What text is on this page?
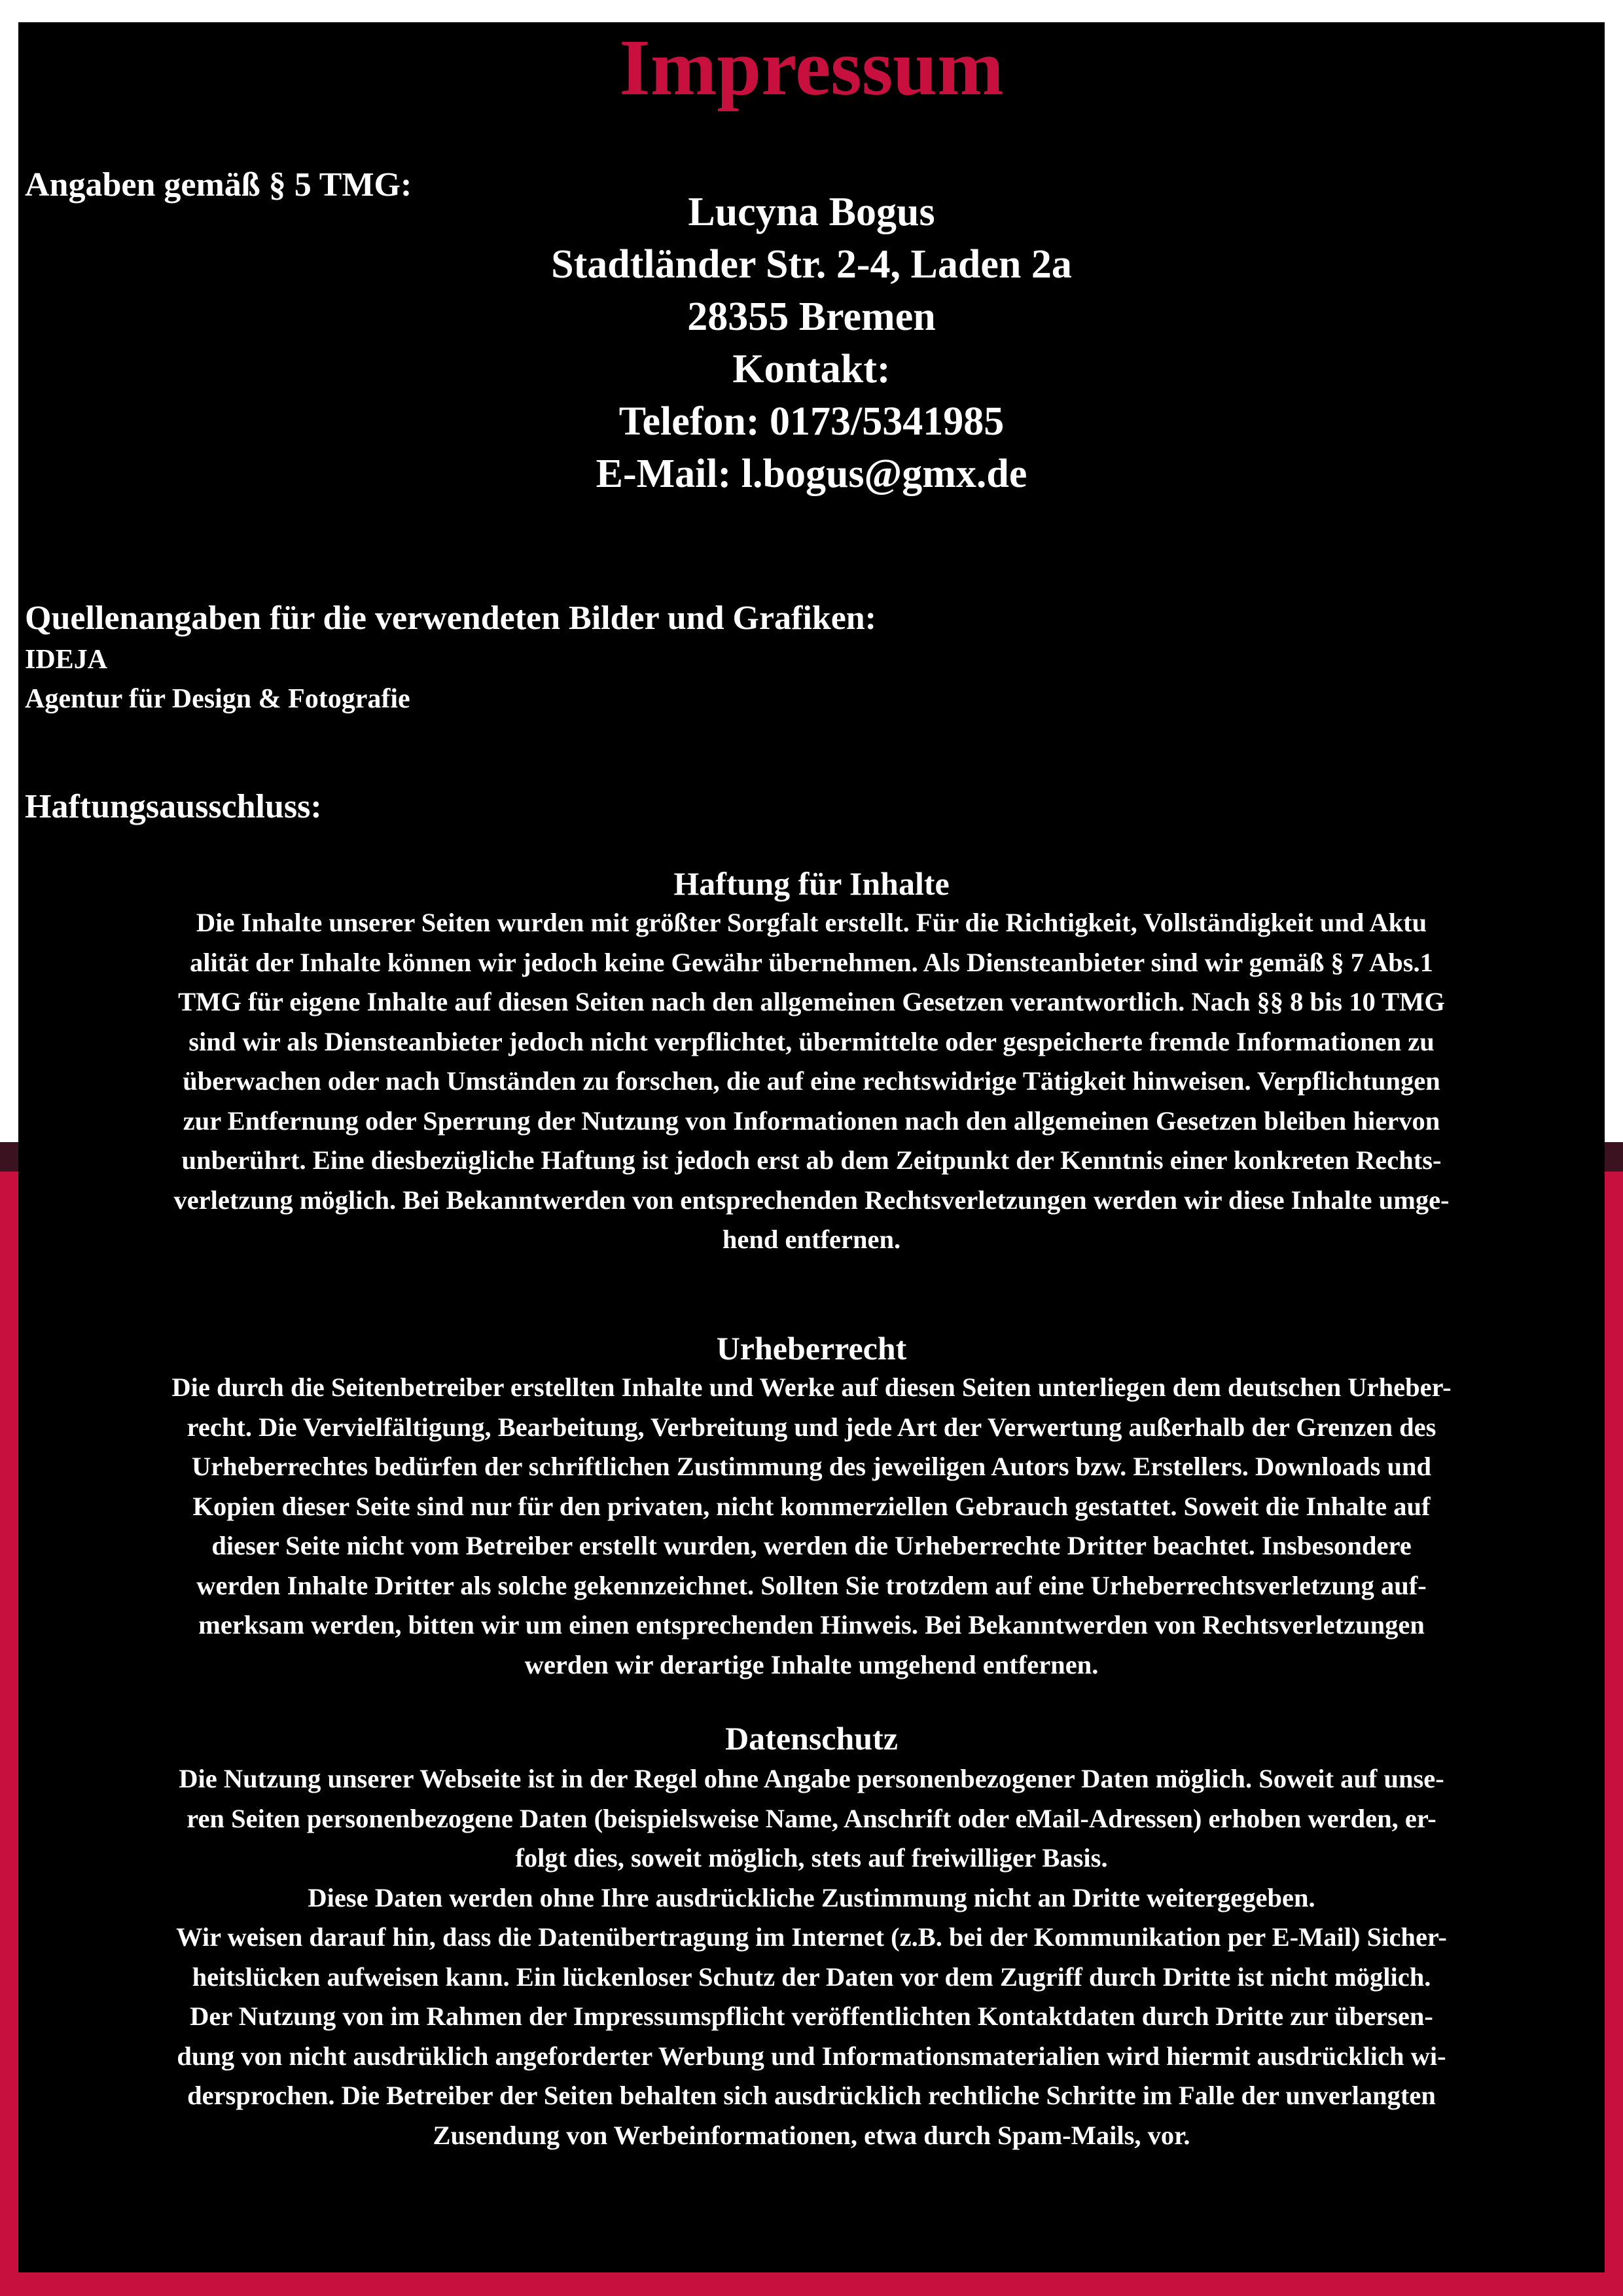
Impressum
Angaben gemäß § 5 TMG:
Lucyna Bogus
Stadtländer Str. 2-4, Laden 2a
28355 Bremen
Kontakt:
Telefon: 0173/5341985
E-Mail: l.bogus@gmx.de
Quellenangaben für die verwendeten Bilder und Grafiken:
IDEJA
Agentur für Design & Fotografie
Haftungsausschluss:
Haftung für Inhalte
Die Inhalte unserer Seiten wurden mit größter Sorgfalt erstellt. Für die Richtigkeit, Vollständigkeit und Aktu
alität der Inhalte können wir jedoch keine Gewähr übernehmen. Als Diensteanbieter sind wir gemäß § 7 Abs.1
TMG für eigene Inhalte auf diesen Seiten nach den allgemeinen Gesetzen verantwortlich. Nach §§ 8 bis 10 TMG
sind wir als Diensteanbieter jedoch nicht verpflichtet, übermittelte oder gespeicherte fremde Informationen zu
überwachen oder nach Umständen zu forschen, die auf eine rechtswidrige Tätigkeit hinweisen. Verpflichtungen
zur Entfernung oder Sperrung der Nutzung von Informationen nach den allgemeinen Gesetzen bleiben hiervon
unberührt. Eine diesbezügliche Haftung ist jedoch erst ab dem Zeitpunkt der Kenntnis einer konkreten Rechts-
verletzung möglich. Bei Bekanntwerden von entsprechenden Rechtsverletzungen werden wir diese Inhalte umge-
hend entfernen.
Urheberrecht
Die durch die Seitenbetreiber erstellten Inhalte und Werke auf diesen Seiten unterliegen dem deutschen Urheber-
recht. Die Vervielfältigung, Bearbeitung, Verbreitung und jede Art der Verwertung außerhalb der Grenzen des
Urheberrechtes bedürfen der schriftlichen Zustimmung des jeweiligen Autors bzw. Erstellers. Downloads und
Kopien dieser Seite sind nur für den privaten, nicht kommerziellen Gebrauch gestattet. Soweit die Inhalte auf
dieser Seite nicht vom Betreiber erstellt wurden, werden die Urheberrechte Dritter beachtet. Insbesondere
werden Inhalte Dritter als solche gekennzeichnet. Sollten Sie trotzdem auf eine Urheberrechtsverletzung auf-
merksam werden, bitten wir um einen entsprechenden Hinweis. Bei Bekanntwerden von Rechtsverletzungen
werden wir derartige Inhalte umgehend entfernen.
Datenschutz
Die Nutzung unserer Webseite ist in der Regel ohne Angabe personenbezogener Daten möglich. Soweit auf unse-
ren Seiten personenbezogene Daten (beispielsweise Name, Anschrift oder eMail-Adressen) erhoben werden, er-
folgt dies, soweit möglich, stets auf freiwilliger Basis.
Diese Daten werden ohne Ihre ausdrückliche Zustimmung nicht an Dritte weitergegeben.
Wir weisen darauf hin, dass die Datenübertragung im Internet (z.B. bei der Kommunikation per E-Mail) Sicher-
heitslücken aufweisen kann. Ein lückenloser Schutz der Daten vor dem Zugriff durch Dritte ist nicht möglich.
Der Nutzung von im Rahmen der Impressumspflicht veröffentlichten Kontaktdaten durch Dritte zur übersen-
dung von nicht ausdrüklich angeforderter Werbung und Informationsmaterialien wird hiermit ausdrücklich wi-
dersprochen. Die Betreiber der Seiten behalten sich ausdrücklich rechtliche Schritte im Falle der unverlangten
Zusendung von Werbeinformationen, etwa durch Spam-Mails, vor.
